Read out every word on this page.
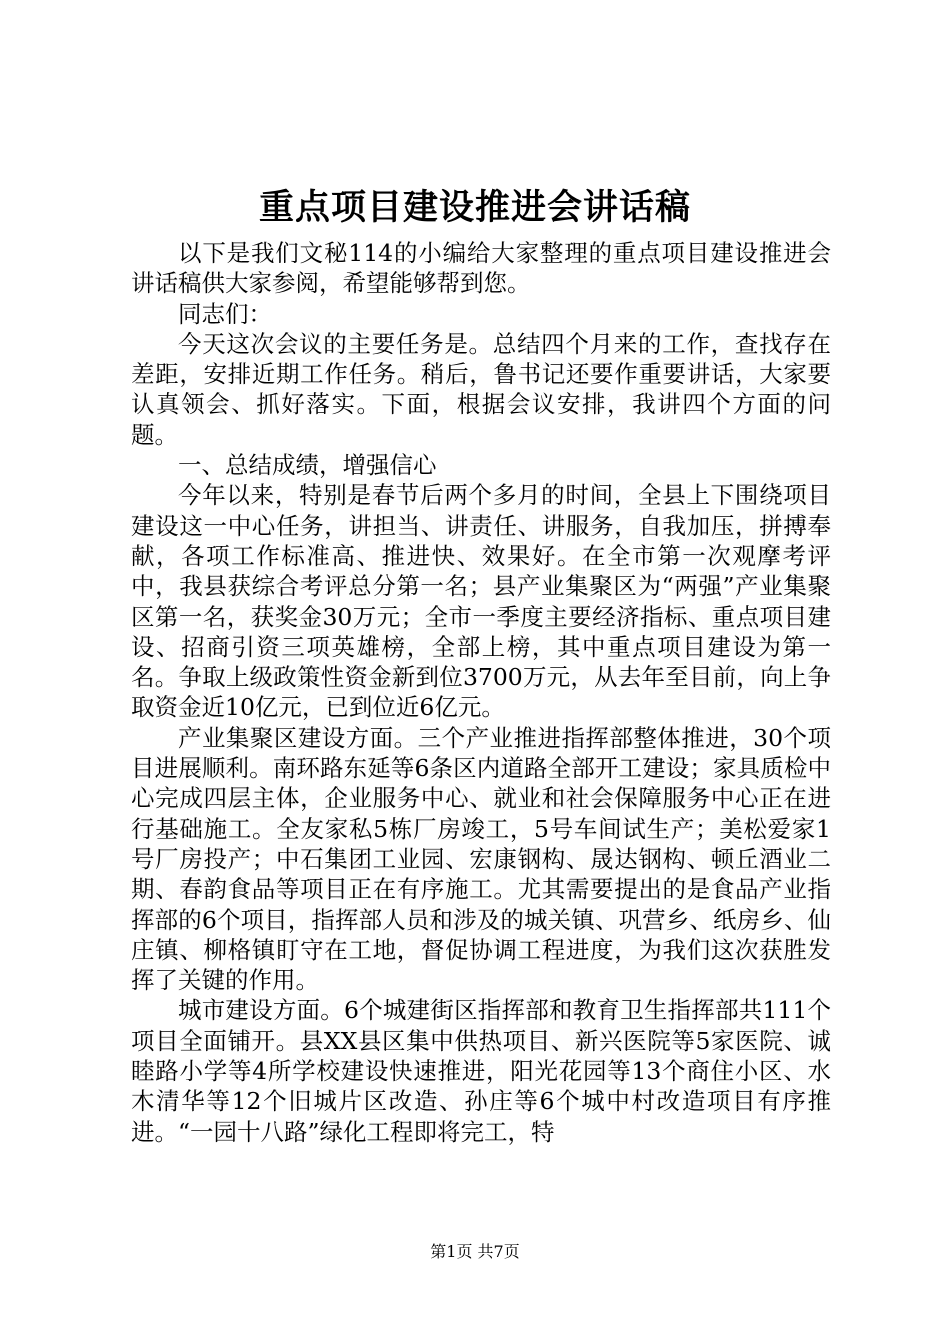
重点项目建设推进会讲话稿

以下是我们文秘114的小编给大家整理的重点项目建设推进会讲话稿供大家参阅，希望能够帮到您。

同志们：

今天这次会议的主要任务是。总结四个月来的工作，查找存在差距，安排近期工作任务。稍后，鲁书记还要作重要讲话，大家要认真领会、抓好落实。下面，根据会议安排，我讲四个方面的问题。

一、总结成绩，增强信心

今年以来，特别是春节后两个多月的时间，全县上下围绕项目建设这一中心任务，讲担当、讲责任、讲服务，自我加压，拼搏奉献，各项工作标准高、推进快、效果好。在全市第一次观摩考评中，我县获综合考评总分第一名；县产业集聚区为“两强”产业集聚区第一名，获奖金30万元；全市一季度主要经济指标、重点项目建设、招商引资三项英雄榜，全部上榜，其中重点项目建设为第一名。争取上级政策性资金新到位3700万元，从去年至目前，向上争取资金近10亿元，已到位近6亿元。

产业集聚区建设方面。三个产业推进指挥部整体推进，30个项目进展顺利。南环路东延等6条区内道路全部开工建设；家具质检中心完成四层主体，企业服务中心、就业和社会保障服务中心正在进行基础施工。全友家私5栋厂房竣工，5号车间试生产；美松爱家1号厂房投产；中石集团工业园、宏康钢构、晟达钢构、顿丘酒业二期、春韵食品等项目正在有序施工。尤其需要提出的是食品产业指挥部的6个项目，指挥部人员和涉及的城关镇、巩营乡、纸房乡、仙庄镇、柳格镇盯守在工地，督促协调工程进度，为我们这次获胜发挥了关键的作用。

城市建设方面。6个城建街区指挥部和教育卫生指挥部共111个项目全面铺开。县XX县区集中供热项目、新兴医院等5家医院、诚睦路小学等4所学校建设快速推进，阳光花园等13个商住小区、水木清华等12个旧城片区改造、孙庄等6个城中村改造项目有序推进。“一园十八路”绿化工程即将完工，特

第1页 共7页
